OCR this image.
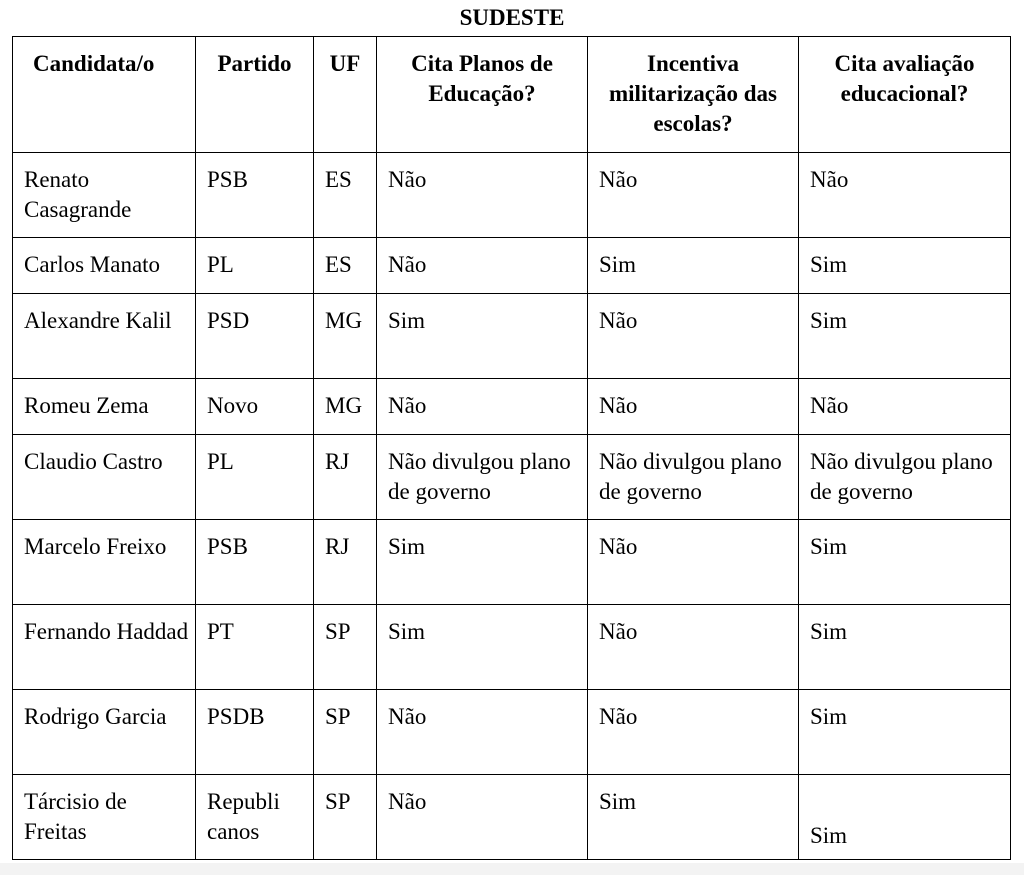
SUDESTE
Candidata/o	Partido	UF	Cita Planos de Educação?	Incentiva militarização das escolas?	Cita avaliação educacional?
Renato Casagrande	PSB	ES	Não	Não	Não
Carlos Manato	PL	ES	Não	Sim	Sim
Alexandre Kalil	PSD	MG	Sim	Não	Sim
Romeu Zema	Novo	MG	Não	Não	Não
Claudio Castro	PL	RJ	Não divulgou plano de governo	Não divulgou plano de governo	Não divulgou plano de governo
Marcelo Freixo	PSB	RJ	Sim	Não	Sim
Fernando Haddad	PT	SP	Sim	Não	Sim
Rodrigo Garcia	PSDB	SP	Não	Não	Sim
Tárcisio de Freitas	Republi canos	SP	Não	Sim	Sim
